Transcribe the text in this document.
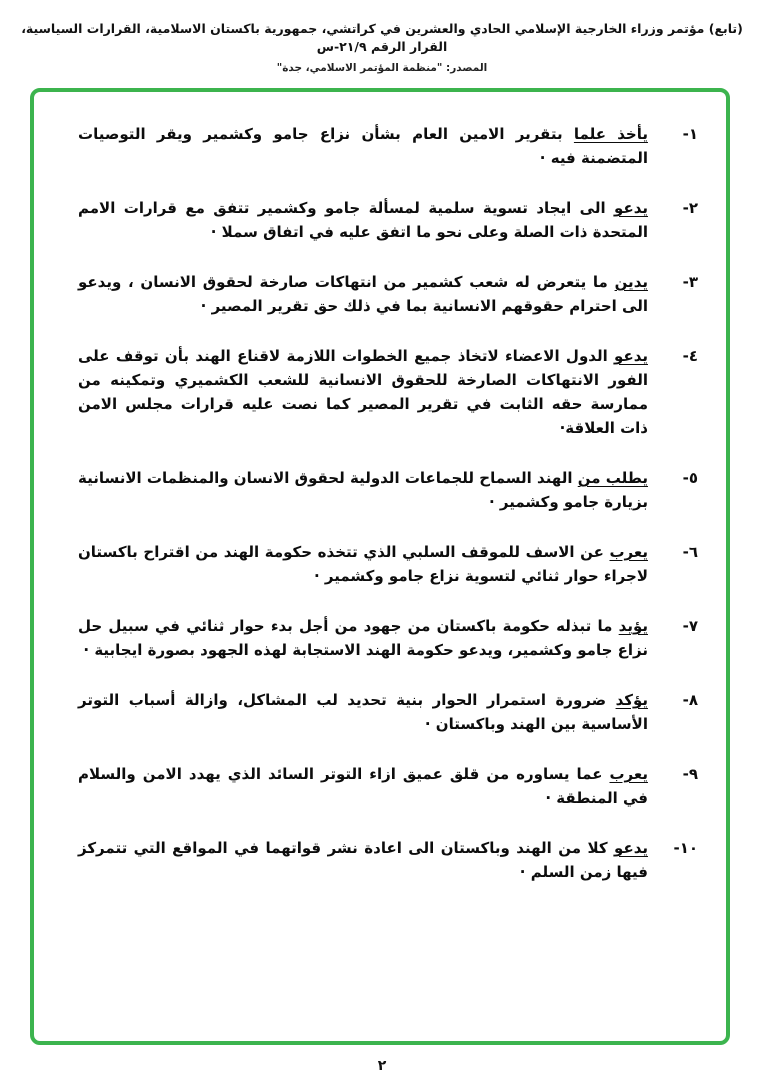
(تابع) مؤتمر وزراء الخارجية الإسلامي الحادي والعشرين في كراتشي، جمهورية باكستان الاسلامية، القرارات السياسية، القرار الرقم ٢١/٩-س
المصدر: "منظمة المؤتمر الاسلامي، جدة"
١-
يأخذ علما بتقرير الامين العام بشأن نزاع جامو وكشمير ويقر التوصيات المتضمنة فيه ·
٢-
يدعو الى ايجاد تسوية سلمية لمسألة جامو وكشمير تتفق مع قرارات الامم المتحدة ذات الصلة وعلى نحو ما اتفق عليه في اتفاق سملا ·
٣-
يدين ما يتعرض له شعب كشمير من انتهاكات صارخة لحقوق الانسان ، ويدعو الى احترام حقوقهم الانسانية بما في ذلك حق تقرير المصير ·
٤-
يدعو الدول الاعضاء لاتخاذ جميع الخطوات اللازمة لاقناع الهند بأن توقف على الفور الانتهاكات الصارخة للحقوق الانسانية للشعب الكشميري وتمكينه من ممارسة حقه الثابت في تقرير المصير كما نصت عليه قرارات مجلس الامن ذات العلاقة·
٥-
يطلب من الهند السماح للجماعات الدولية لحقوق الانسان والمنظمات الانسانية بزيارة جامو وكشمير ·
٦-
يعرب عن الاسف للموقف السلبي الذي تتخذه حكومة الهند من اقتراح باكستان لاجراء حوار ثنائي لتسوية نزاع جامو وكشمير ·
٧-
يؤيد ما تبذله حكومة باكستان من جهود من أجل بدء حوار ثنائي في سبيل حل نزاع جامو وكشمير، ويدعو حكومة الهند الاستجابة لهذه الجهود بصورة ايجابية ·
٨-
يؤكد ضرورة استمرار الحوار بنية تحديد لب المشاكل، وازالة أسباب التوتر الأساسية بين الهند وباكستان ·
٩-
يعرب عما يساوره من قلق عميق ازاء التوتر السائد الذي يهدد الامن والسلام في المنطقة ·
١٠-
يدعو كلا من الهند وباكستان الى اعادة نشر قواتهما في المواقع التي تتمركز فيها زمن السلم ·
٢
